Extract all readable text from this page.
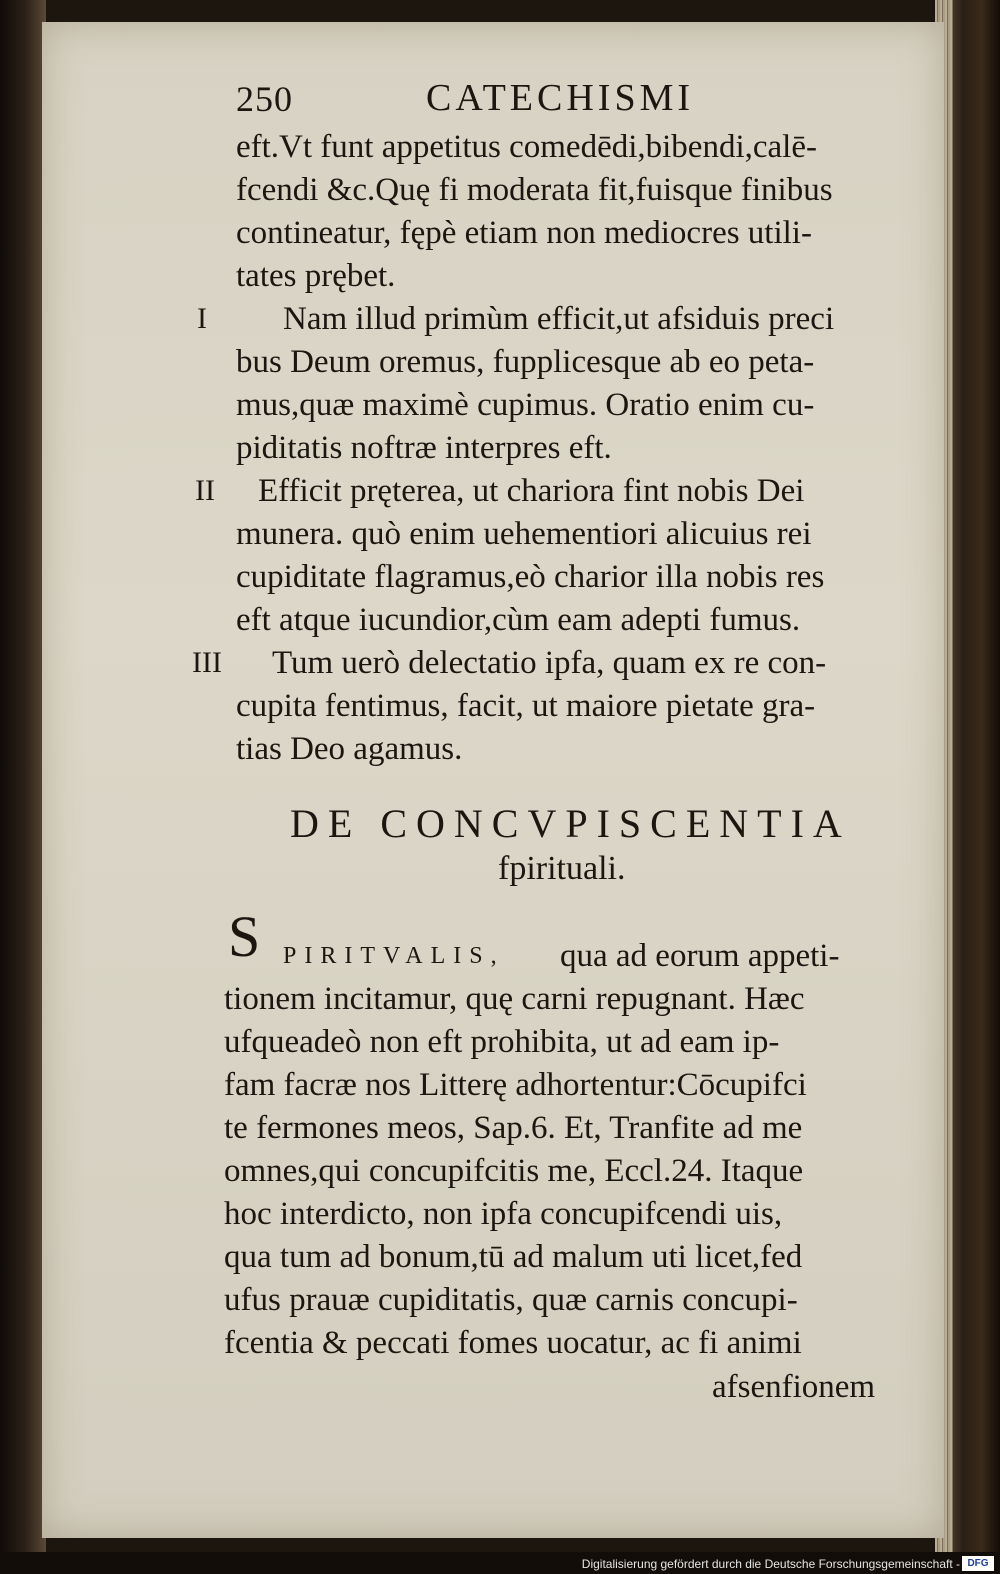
250	CATECHISMI
eft.Vt funt appetitus comedēdi,bibendi,calē-
fcendi &c.Quę fi moderata fit,fuisque finibus
contineatur, fępè etiam non mediocres utili-
tates prębet.
I Nam illud primùm efficit,ut afsiduis preci
bus Deum oremus, fupplicesque ab eo peta-
mus,quæ maximè cupimus. Oratio enim cu-
piditatis noftræ interpres eft.
II Efficit pręterea, ut chariora fint nobis Dei
munera. quò enim uehementiori alicuius rei
cupiditate flagramus,eò charior illa nobis res
eft atque iucundior,cùm eam adepti fumus.
III Tum uerò delectatio ipfa, quam ex re con-
cupita fentimus, facit, ut maiore pietate gra-
tias Deo agamus.
DE CONCVPISCENTIA
fpirituali.
S PIRITVALIS, qua ad eorum appeti-
tionem incitamur, quę carni repugnant. Hæc
ufqueadeò non eft prohibita, ut ad eam ip-
fam facræ nos Litterę adhortentur:Cōcupifci
te fermones meos, Sap.6. Et, Tranfite ad me
omnes,qui concupifcitis me, Eccl.24. Itaque
hoc interdicto, non ipfa concupifcendi uis,
qua tum ad bonum,tū ad malum uti licet,fed
ufus prauæ cupiditatis, quæ carnis concupi-
fcentia & peccati fomes uocatur, ac fi animi
afsenfionem
Digitalisierung gefördert durch die Deutsche Forschungsgemeinschaft - DFG
